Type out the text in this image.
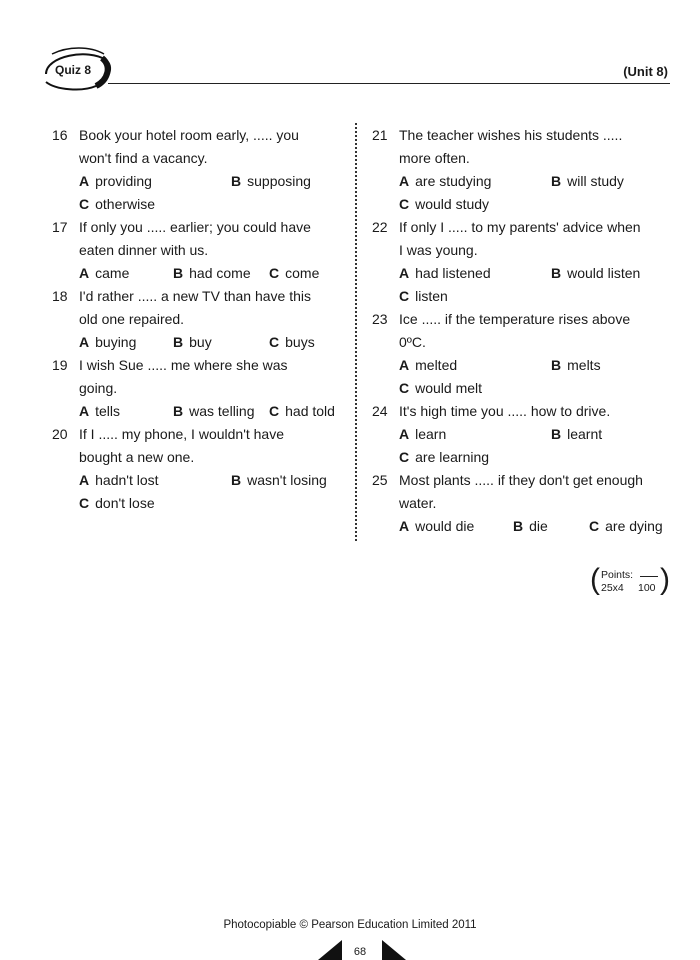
Quiz 8	(Unit 8)
16 Book your hotel room early, ..... you
won't find a vacancy.
A providing	B supposing
C otherwise
17 If only you ..... earlier; you could have
eaten dinner with us.
A came	B had come C come
18 I'd rather ..... a new TV than have this
old one repaired.
A buying	B buy	C buys
19 I wish Sue ..... me where she was
going.
A tells	B was telling C had told
20 If I ..... my phone, I wouldn't have
bought a new one.
A hadn't lost	B wasn't losing
C don't lose
21 The teacher wishes his students .....
more often.
A are studying	B will study
C would study
22 If only I ..... to my parents' advice when
I was young.
A had listened	B would listen
C listen
23 Ice ..... if the temperature rises above
0ºC.
A melted	B melts
C would melt
24 It's high time you ..... how to drive.
A learn	B learnt
C are learning
25 Most plants ..... if they don't get enough
water.
A would die	B die	C are dying
( Points:
25x4 100 )
Photocopiable © Pearson Education Limited 2011
68
